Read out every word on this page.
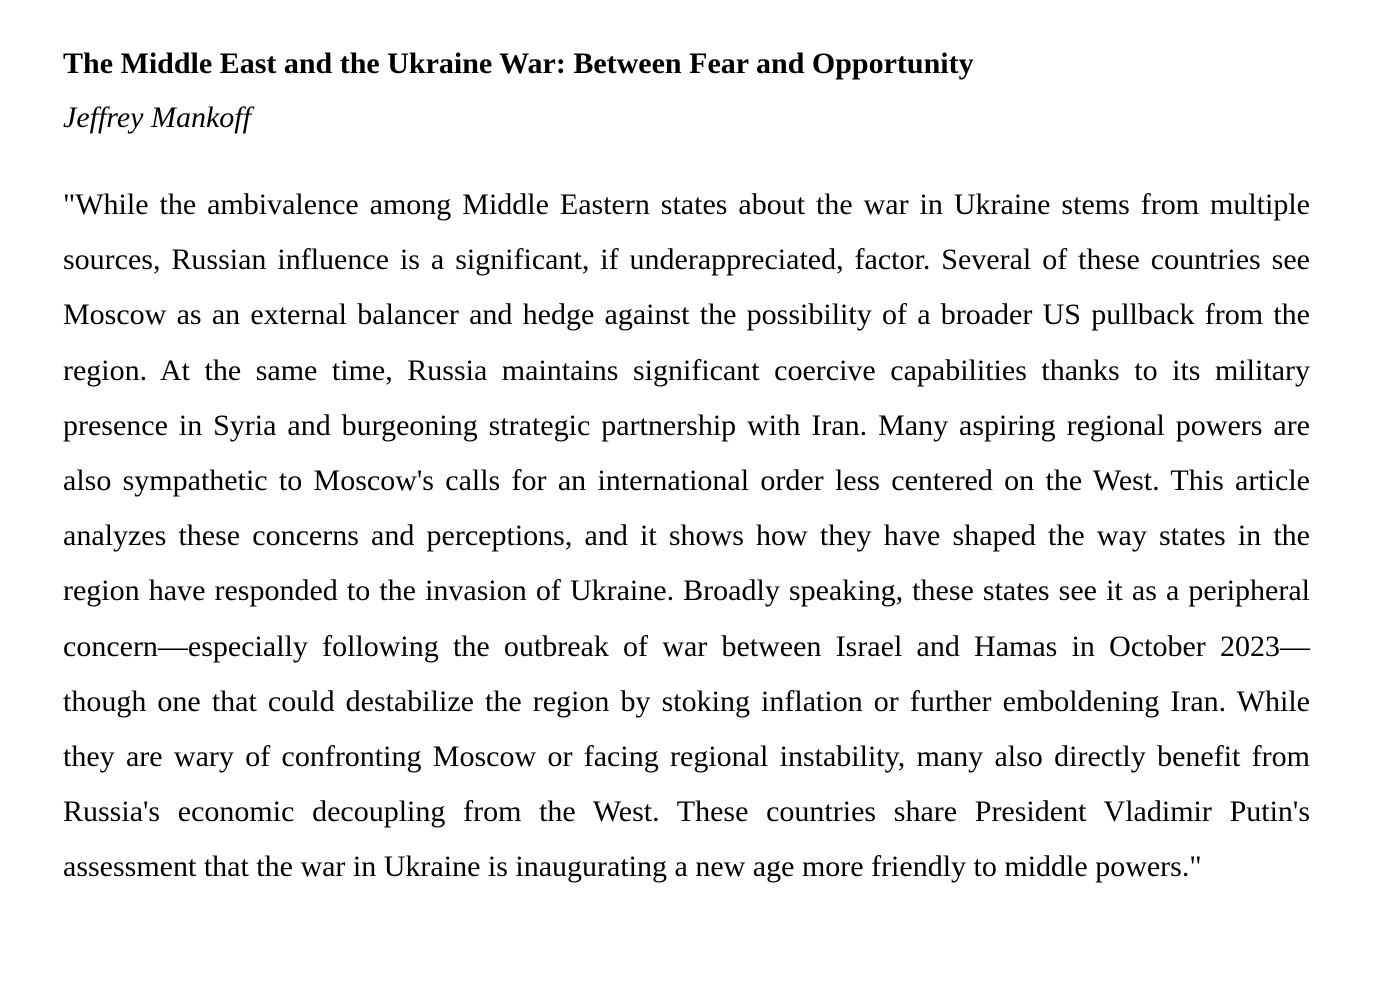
The Middle East and the Ukraine War: Between Fear and Opportunity
Jeffrey Mankoff

"While the ambivalence among Middle Eastern states about the war in Ukraine stems from multiple sources, Russian influence is a significant, if underappreciated, factor. Several of these countries see Moscow as an external balancer and hedge against the possibility of a broader US pullback from the region. At the same time, Russia maintains significant coercive capabilities thanks to its military presence in Syria and burgeoning strategic partnership with Iran. Many aspiring regional powers are also sympathetic to Moscow's calls for an international order less centered on the West. This article analyzes these concerns and perceptions, and it shows how they have shaped the way states in the region have responded to the invasion of Ukraine. Broadly speaking, these states see it as a peripheral concern—especially following the outbreak of war between Israel and Hamas in October 2023—though one that could destabilize the region by stoking inflation or further emboldening Iran. While they are wary of confronting Moscow or facing regional instability, many also directly benefit from Russia's economic decoupling from the West. These countries share President Vladimir Putin's assessment that the war in Ukraine is inaugurating a new age more friendly to middle powers."
